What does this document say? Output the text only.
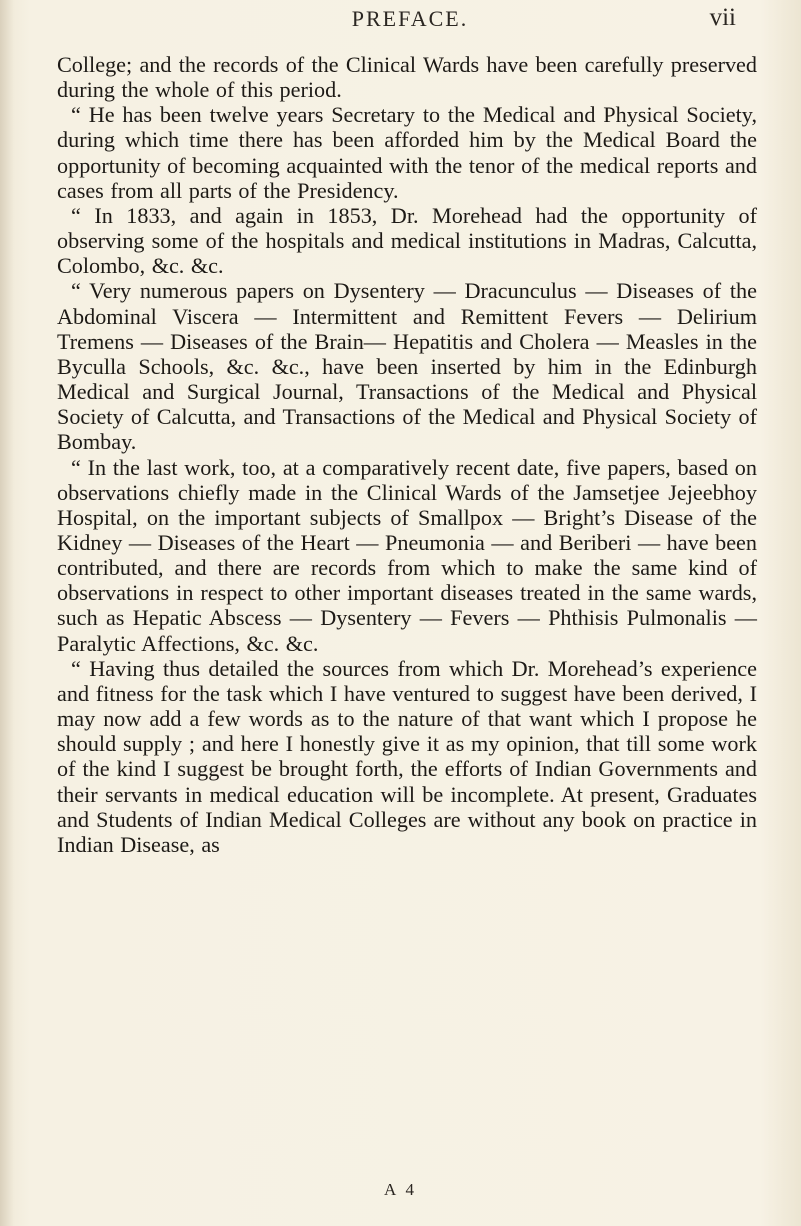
PREFACE.	vii

College; and the records of the Clinical Wards have been carefully preserved during the whole of this period.

“ He has been twelve years Secretary to the Medical and Physical Society, during which time there has been afforded him by the Medical Board the opportunity of becoming acquainted with the tenor of the medical reports and cases from all parts of the Presidency.

“ In 1833, and again in 1853, Dr. Morehead had the opportunity of observing some of the hospitals and medical institutions in Madras, Calcutta, Colombo, &c. &c.

“ Very numerous papers on Dysentery — Dracunculus — Diseases of the Abdominal Viscera — Intermittent and Remittent Fevers — Delirium Tremens — Diseases of the Brain— Hepatitis and Cholera — Measles in the Byculla Schools, &c. &c., have been inserted by him in the Edinburgh Medical and Surgical Journal, Transactions of the Medical and Physical Society of Calcutta, and Transactions of the Medical and Physical Society of Bombay.

“ In the last work, too, at a comparatively recent date, five papers, based on observations chiefly made in the Clinical Wards of the Jamsetjee Jejeebhoy Hospital, on the important subjects of Smallpox — Bright’s Disease of the Kidney — Diseases of the Heart — Pneumonia — and Beriberi — have been contributed, and there are records from which to make the same kind of observations in respect to other important diseases treated in the same wards, such as Hepatic Abscess — Dysentery — Fevers — Phthisis Pulmonalis — Paralytic Affections, &c. &c.

“ Having thus detailed the sources from which Dr. Morehead’s experience and fitness for the task which I have ventured to suggest have been derived, I may now add a few words as to the nature of that want which I propose he should supply ; and here I honestly give it as my opinion, that till some work of the kind I suggest be brought forth, the efforts of Indian Governments and their servants in medical education will be incomplete. At present, Graduates and Students of Indian Medical Colleges are without any book on practice in Indian Disease, as

A 4
